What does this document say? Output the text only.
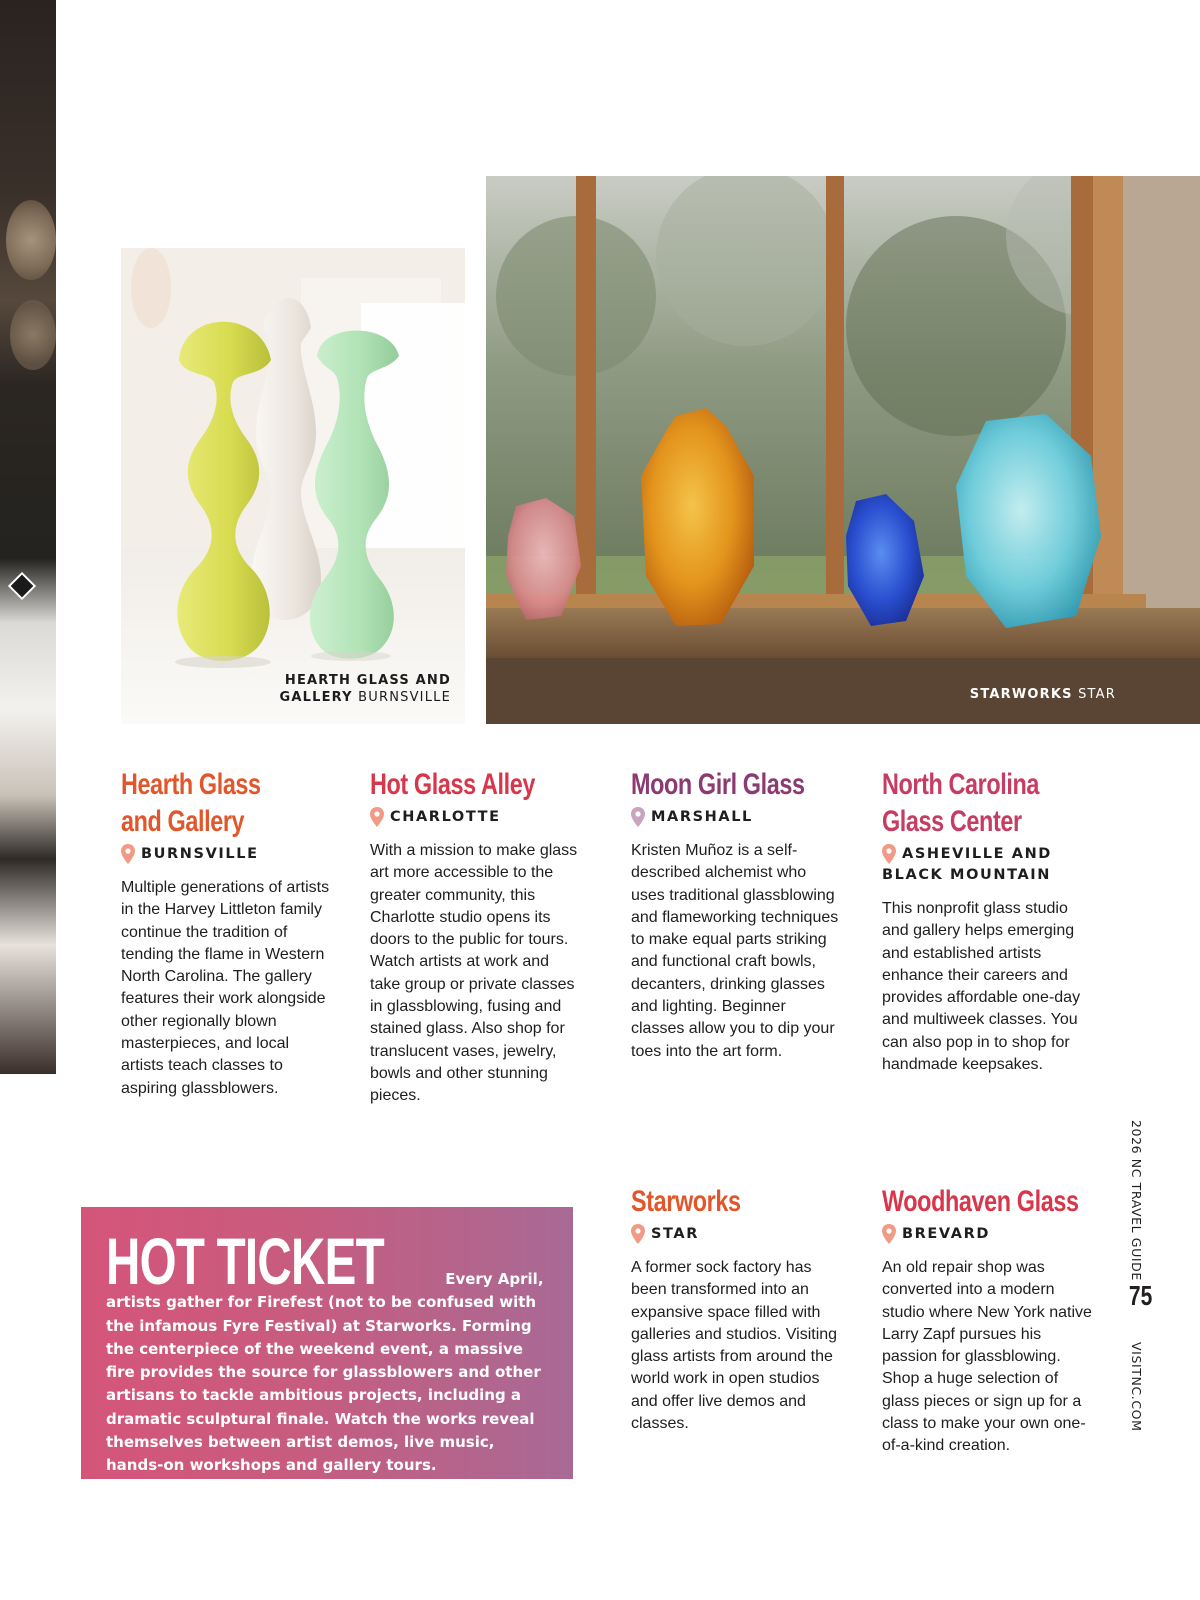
HEARTH GLASS AND
GALLERY BURNSVILLE	STARWORKS STAR
Hearth Glass
and Gallery
BURNSVILLE

Multiple generations of artists in the Harvey Littleton family continue the tradition of tending the flame in Western North Carolina. The gallery features their work alongside other regionally blown masterpieces, and local artists teach classes to aspiring glassblowers.

Hot Glass Alley
CHARLOTTE

With a mission to make glass art more accessible to the greater community, this Charlotte studio opens its doors to the public for tours. Watch artists at work and take group or private classes in glassblowing, fusing and stained glass. Also shop for translucent vases, jewelry, bowls and other stunning pieces.

Moon Girl Glass
MARSHALL

Kristen Muñoz is a self-described alchemist who uses traditional glassblowing and flameworking techniques to make equal parts striking and functional craft bowls, decanters, drinking glasses and lighting. Beginner classes allow you to dip your toes into the art form.

North Carolina
Glass Center
ASHEVILLE AND
BLACK MOUNTAIN

This nonprofit glass studio and gallery helps emerging and established artists enhance their careers and provides affordable one-day and multiweek classes. You can also pop in to shop for handmade keepsakes.

Starworks
STAR

A former sock factory has been transformed into an expansive space filled with galleries and studios. Visiting glass artists from around the world work in open studios and offer live demos and classes.

Woodhaven Glass
BREVARD

An old repair shop was converted into a modern studio where New York native Larry Zapf pursues his passion for glassblowing. Shop a huge selection of glass pieces or sign up for a class to make your own one-of-a-kind creation.

HOT TICKET	Every April, artists gather for Firefest (not to be confused with the infamous Fyre Festival) at Starworks. Forming the centerpiece of the weekend event, a massive fire provides the source for glassblowers and other artisans to tackle ambitious projects, including a dramatic sculptural finale. Watch the works reveal themselves between artist demos, live music, hands-on workshops and gallery tours.
2026 NC TRAVEL GUIDE
75
VISITNC.COM
